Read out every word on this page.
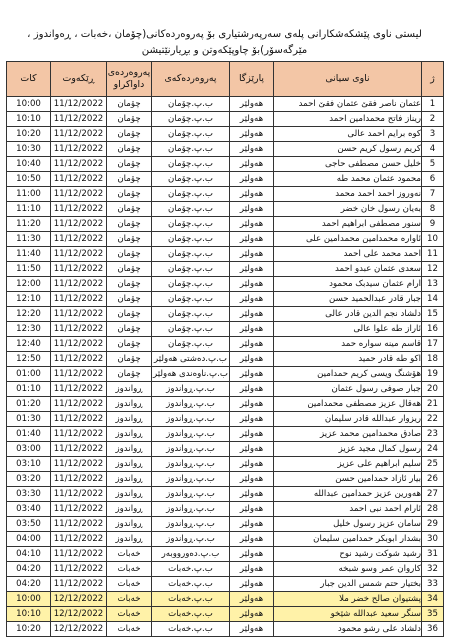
لیستی ناوی پێشکەشکارانی پلەی سەرپەرشتیاری بۆ پەروەردەکانی(چۆمان ،خەبات ، ڕەواندوز ، مێرگەسۆر)بۆ چاوپێکەوتن و بڕیارنێتیشن
ژ	ناوی سیانی	پارێزگا	پەروەردەکەی	پەروەردەی داواکراو	ڕێکەوت	کات
1	عثمان ناصر فقێ عثمان فقێ احمد	هەولێر	ب.پ.چۆمان	چۆمان	11/12/2022	10:00
2	ریناز فاتح محمدامین احمد	هەولێر	ب.پ.چۆمان	چۆمان	11/12/2022	10:10
3	کوە برایم احمد عالی	هەولێر	ب.پ.چۆمان	چۆمان	11/12/2022	10:20
4	کریم رسول کریم حسن	هەولێر	ب.پ.چۆمان	چۆمان	11/12/2022	10:30
5	خلیل حسن مصطفی حاجی	هەولێر	ب.پ.چۆمان	چۆمان	11/12/2022	10:40
6	محمود عثمان محمد طه	هەولێر	ب.پ.چۆمان	چۆمان	11/12/2022	10:50
7	نەوروز احمد احمد محمد	هەولێر	ب.پ.چۆمان	چۆمان	11/12/2022	11:00
8	بەیان رسول خان خضر	هەولێر	ب.پ.چۆمان	چۆمان	11/12/2022	11:10
9	سنور مصطفی ابراهیم احمد	هەولێر	ب.پ.چۆمان	چۆمان	11/12/2022	11:20
10	ئاوارە محمدامین محمدامین علی	هەولێر	ب.پ.چۆمان	چۆمان	11/12/2022	11:30
11	احمد محمد علی احمد	هەولێر	ب.پ.چۆمان	چۆمان	11/12/2022	11:40
12	سعدی عثمان عبدو احمد	هەولێر	ب.پ.چۆمان	چۆمان	11/12/2022	11:50
13	ارام عثمان سیدبک محمود	هەولێر	ب.پ.چۆمان	چۆمان	11/12/2022	12:00
14	جبار قادر عبدالحمید حسن	هەولێر	ب.پ.چۆمان	چۆمان	11/12/2022	12:10
15	دلشاد نجم الدین قادر عالی	هەولێر	ب.پ.چۆمان	چۆمان	11/12/2022	12:20
16	ئاراز طه علوا عالی	هەولێر	ب.پ.چۆمان	چۆمان	11/12/2022	12:30
17	قاسم مینە سوارە حمد	هەولێر	ب.پ.چۆمان	چۆمان	11/12/2022	12:40
18	اکو طە قادر حمید	هەولێر	ب.پ.دەشتی هەولێر	چۆمان	11/12/2022	12:50
19	هۆشنگ ویسی کریم حمدامین	هەولێر	ب.پ.ناوەندی هەولێر	چۆمان	11/12/2022	01:00
20	جبار صوفی رسول عثمان	هەولێر	ب.پ.ڕواندوز	ڕواندوز	11/12/2022	01:10
21	هەقال عزیز مصطفی محمدامین	هەولێر	ب.پ.ڕواندوز	ڕواندوز	11/12/2022	01:20
22	ریزوار عبداللە قادر سلیمان	هەولێر	ب.پ.ڕواندوز	ڕواندوز	11/12/2022	01:30
23	صادق محمدامین محمد عزیز	هەولێر	ب.پ.ڕواندوز	ڕواندوز	11/12/2022	01:40
24	رسول کمال مجید عزیز	هەولێر	ب.پ.ڕواندوز	ڕواندوز	11/12/2022	03:00
25	سلیم ابراهیم علی عزیز	هەولێر	ب.پ.ڕواندوز	ڕواندوز	11/12/2022	03:10
26	بیار ئازاد حمدامین حسن	هەولێر	ب.پ.ڕواندوز	ڕواندوز	11/12/2022	03:20
27	هەورین عزیز حمدامین عبداللە	هەولێر	ب.پ.ڕواندوز	ڕواندوز	11/12/2022	03:30
28	ئارام احمد نبی احمد	هەولێر	ب.پ.ڕواندوز	ڕواندوز	11/12/2022	03:40
29	سامان عزیز رسول خلیل	هەولێر	ب.پ.ڕواندوز	ڕواندوز	11/12/2022	03:50
30	بشدار ابوبکر حمدامین سلیمان	هەولێر	ب.پ.ڕواندوز	ڕواندوز	11/12/2022	04:00
31	رشید شوکت رشید نوح	هەولێر	ب.پ.دەورووبەر	خەبات	11/12/2022	04:10
32	کاروان عمر وسو شبخە	هەولێر	ب.پ.خەبات	خەبات	11/12/2022	04:20
33	بختیار حتم شمس الدین جبار	هەولێر	ب.پ.خەبات	خەبات	11/12/2022	04:20
34	پشتیوان صالح خضر ملا	هەولێر	ب.پ.خەبات	خەبات	12/12/2022	10:00
35	سنگر سعید عبداللە شێخو	هەولێر	ب.پ.خەبات	خەبات	12/12/2022	10:10
36	دلشاد علی رشو محمود	هەولێر	ب.پ.خەبات	خەبات	12/12/2022	10:20
